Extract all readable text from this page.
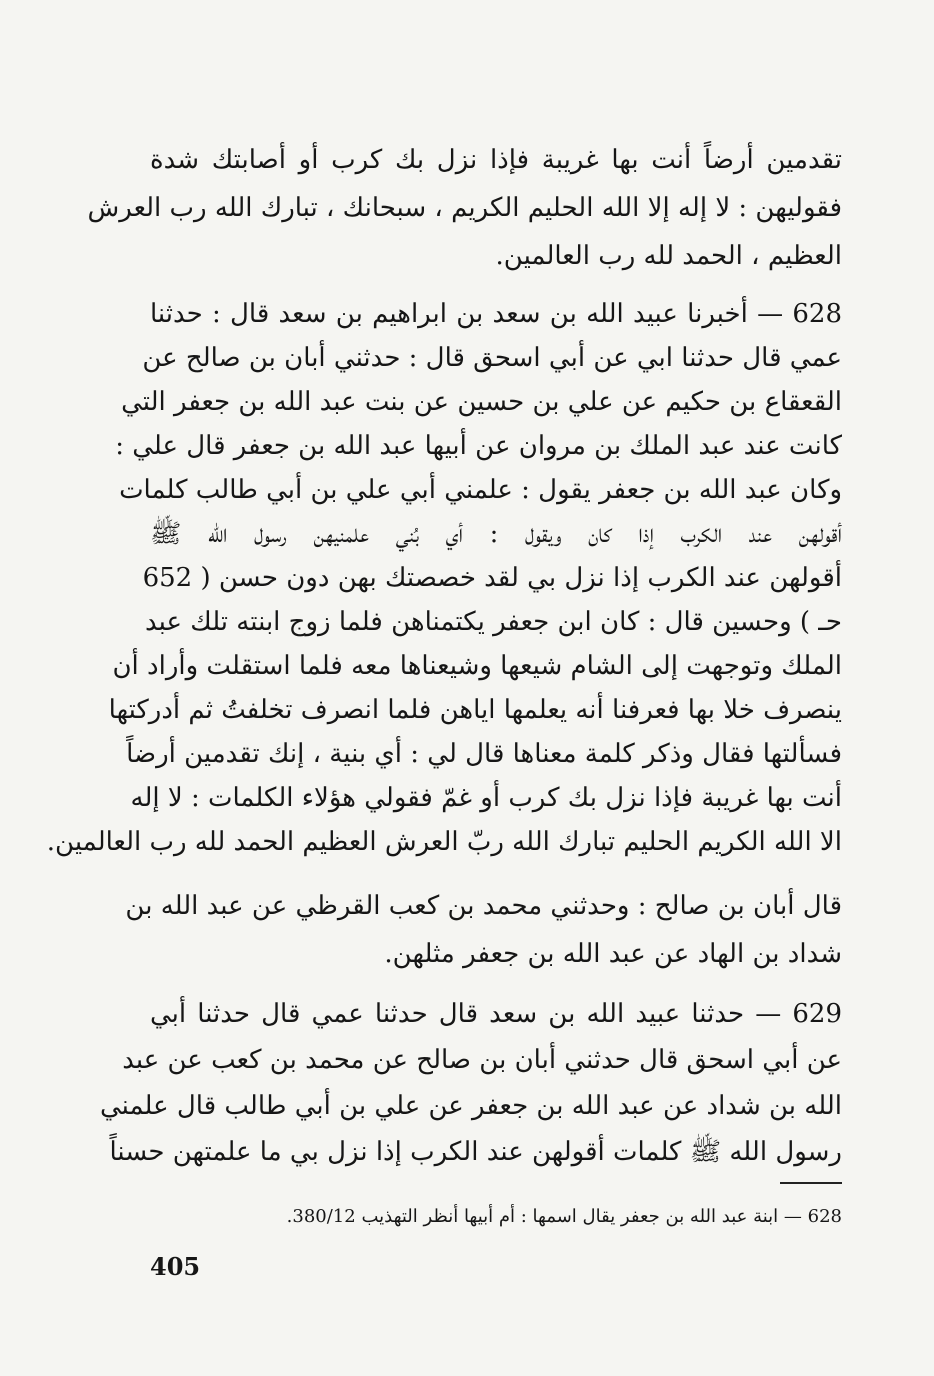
تقدمين أرضاً أنت بها غريبة فإذا نزل بك كرب أو أصابتك شدة
فقوليهن : لا إله إلا الله الحليم الكريم ، سبحانك ، تبارك الله رب العرش
العظيم ، الحمد لله رب العالمين.
628 — أخبرنا عبيد الله بن سعد بن ابراهيم بن سعد قال : حدثنا
عمي قال حدثنا ابي عن أبي اسحق قال : حدثني أبان بن صالح عن
القعقاع بن حكيم عن علي بن حسين عن بنت عبد الله بن جعفر التي
كانت عند عبد الملك بن مروان عن أبيها عبد الله بن جعفر قال علي :
وكان عبد الله بن جعفر يقول : علمني أبي علي بن أبي طالب كلمات
أقولهن عند الكرب إذا كان ويقول : أي بُني علمنيهن رسول الله ﷺ
أقولهن عند الكرب إذا نزل بي لقد خصصتك بهن دون حسن ( 652
حـ ) وحسين قال : كان ابن جعفر يكتمناهن فلما زوج ابنته تلك عبد
الملك وتوجهت إلى الشام شيعها وشيعناها معه فلما استقلت وأراد أن
ينصرف خلا بها فعرفنا أنه يعلمها اياهن فلما انصرف تخلفتُ ثم أدركتها
فسألتها فقال وذكر كلمة معناها قال لي : أي بنية ، إنك تقدمين أرضاً
أنت بها غريبة فإذا نزل بك كرب أو غمّ فقولي هؤلاء الكلمات : لا إله
الا الله الكريم الحليم تبارك الله ربّ العرش العظيم الحمد لله رب العالمين.
قال أبان بن صالح : وحدثني محمد بن كعب القرظي عن عبد الله بن
شداد بن الهاد عن عبد الله بن جعفر مثلهن.
629 — حدثنا عبيد الله بن سعد قال حدثنا عمي قال حدثنا أبي
عن أبي اسحق قال حدثني أبان بن صالح عن محمد بن كعب عن عبد
الله بن شداد عن عبد الله بن جعفر عن علي بن أبي طالب قال علمني
رسول الله ﷺ كلمات أقولهن عند الكرب إذا نزل بي ما علمتهن حسناً
628 — ابنة عبد الله بن جعفر يقال اسمها : أم أبيها أنظر التهذيب 380/12.
405
